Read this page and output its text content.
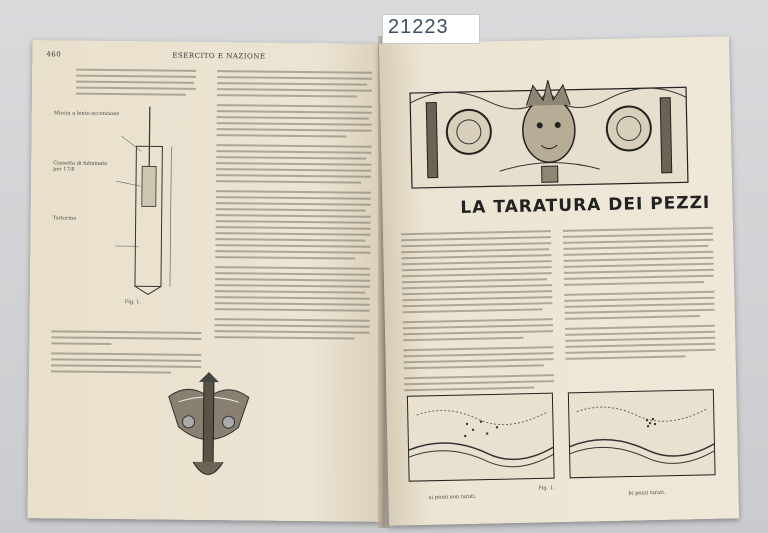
460	ESERCITO E NAZIONE
Miccia a lento accensione
Cassetta di fulminato per 17/8
Tortorino
Fig. 1.
LA TARATURA DEI PEZZI
Fig. 1.
a) pezzi non tarati.
b) pezzi tarati.
21223
